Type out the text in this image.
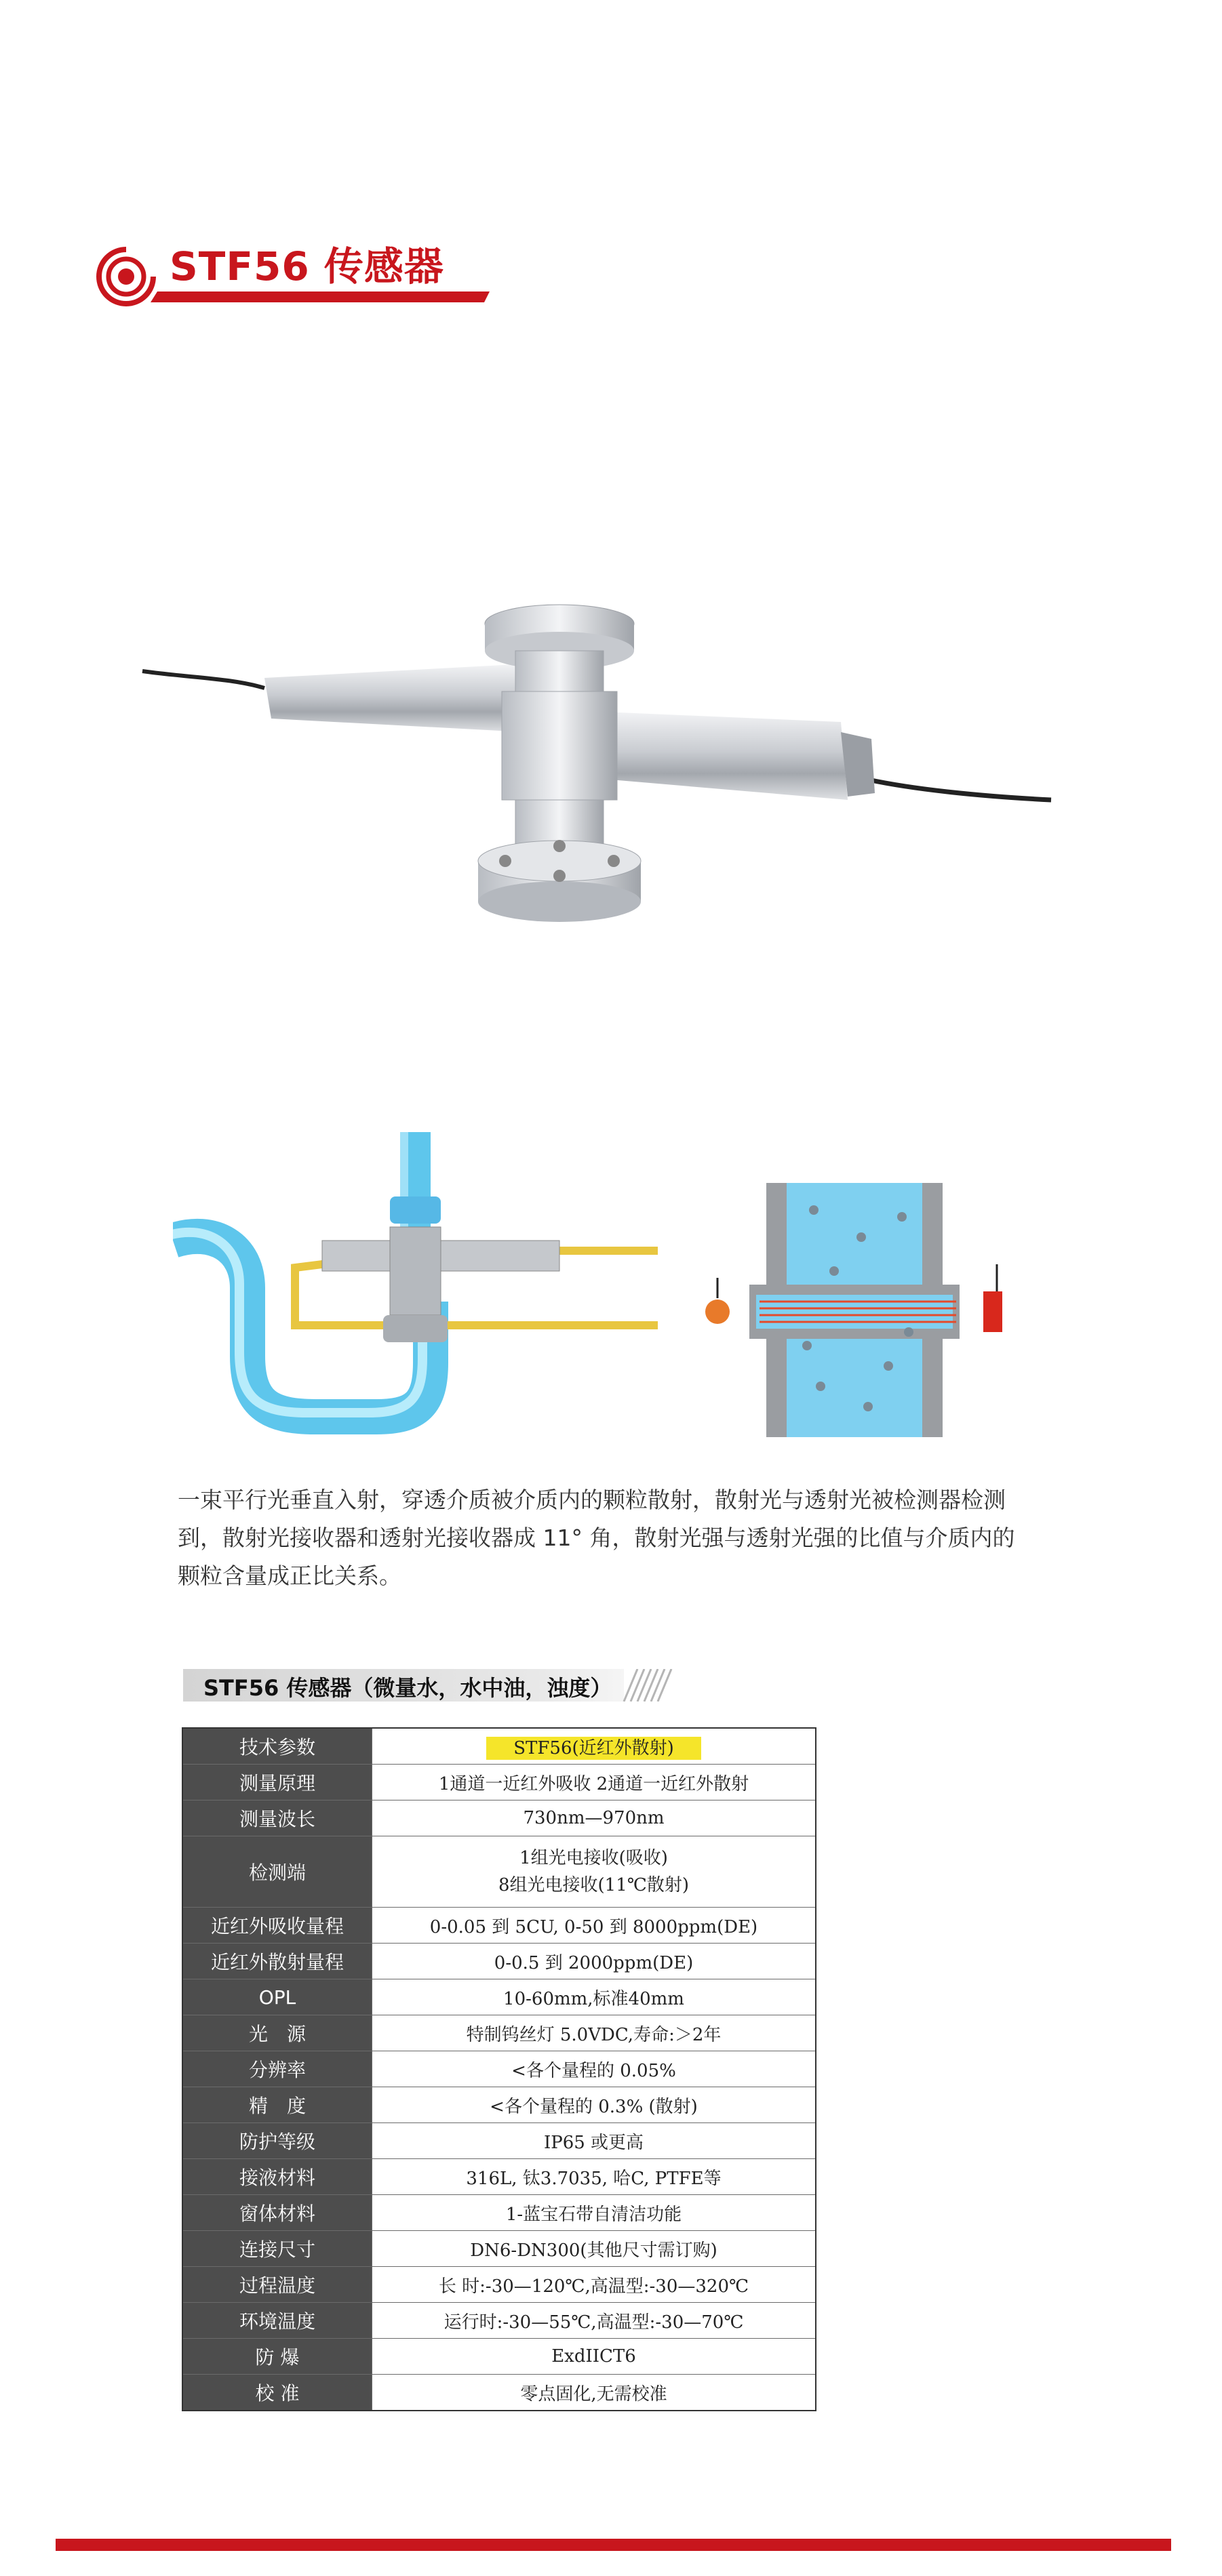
STF56 传感器
一束平行光垂直入射，穿透介质被介质内的颗粒散射，散射光与透射光被检测器检测到，散射光接收器和透射光接收器成 11° 角，散射光强与透射光强的比值与介质内的颗粒含量成正比关系。
STF56 传感器（微量水，水中油，浊度）
技术参数	STF56(近红外散射)
测量原理	1通道一近红外吸收 2通道一近红外散射
测量波长	730nm—970nm
检测端	1组光电接收(吸收)
8组光电接收(11℃散射)

近红外吸收量程	0-0.05 到 5CU, 0-50 到 8000ppm(DE)
近红外散射量程	0-0.5 到 2000ppm(DE)
OPL	10-60mm,标准40mm
光　源	特制钨丝灯 5.0VDC,寿命:＞2年
分辨率	<各个量程的 0.05%
精　度	<各个量程的 0.3% (散射)
防护等级	IP65 或更高
接液材料	316L, 钛3.7035, 哈C, PTFE等
窗体材料	1-蓝宝石带自清洁功能
连接尺寸	DN6-DN300(其他尺寸需订购)
过程温度	长 时:-30—120℃,高温型:-30—320℃
环境温度	运行时:-30—55℃,高温型:-30—70℃
防 爆	ExdIICT6
校 准	零点固化,无需校准
